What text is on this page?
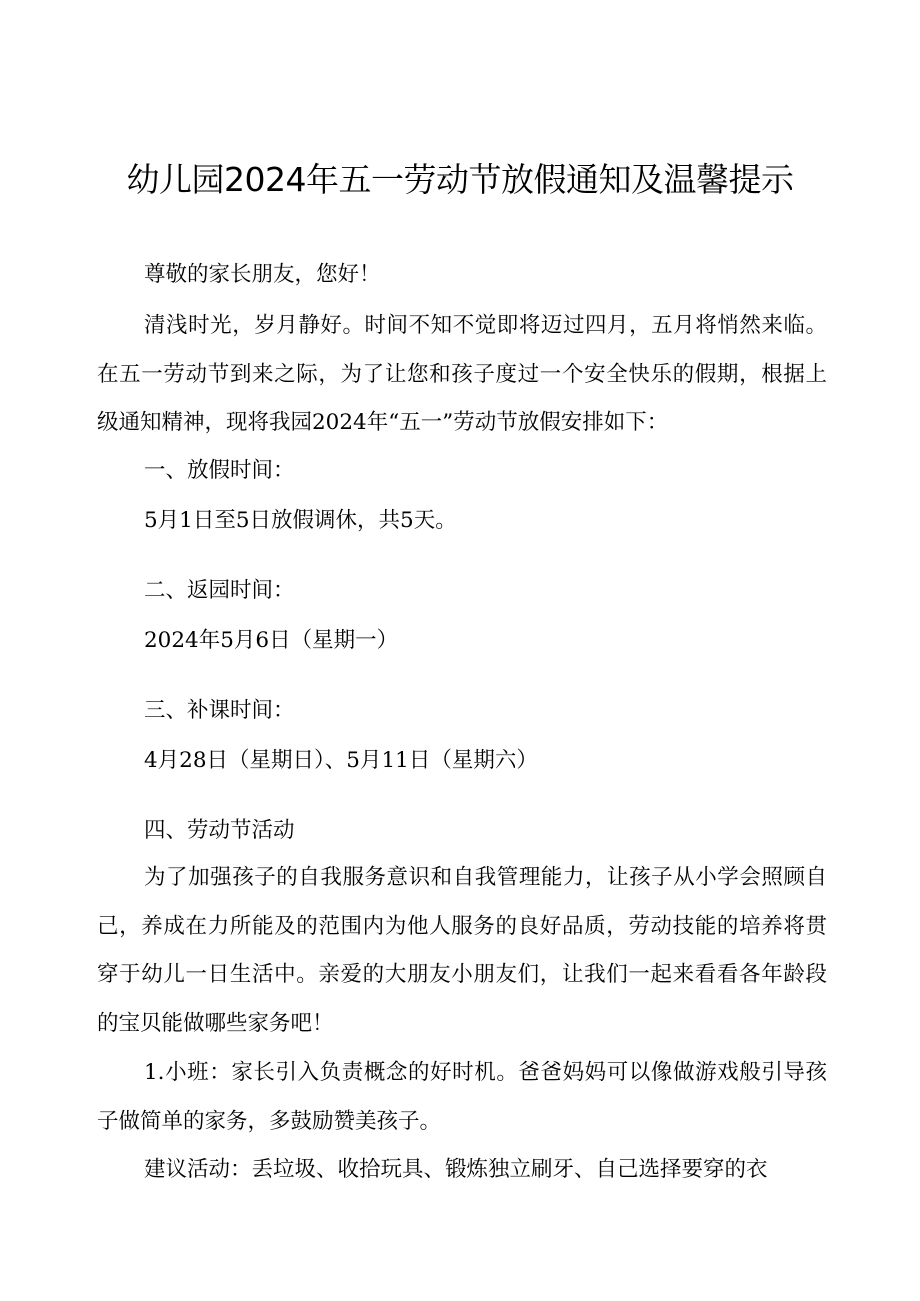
幼儿园2024年五一劳动节放假通知及温馨提示

尊敬的家长朋友，您好！

清浅时光，岁月静好。时间不知不觉即将迈过四月，五月将悄然来临。在五一劳动节到来之际，为了让您和孩子度过一个安全快乐的假期，根据上级通知精神，现将我园2024年“五一”劳动节放假安排如下：

一、放假时间：

5月1日至5日放假调休，共5天。

二、返园时间：

2024年5月6日（星期一）

三、补课时间：

4月28日（星期日）、5月11日（星期六）

四、劳动节活动

为了加强孩子的自我服务意识和自我管理能力，让孩子从小学会照顾自己，养成在力所能及的范围内为他人服务的良好品质，劳动技能的培养将贯穿于幼儿一日生活中。亲爱的大朋友小朋友们，让我们一起来看看各年龄段的宝贝能做哪些家务吧！

1.小班：家长引入负责概念的好时机。爸爸妈妈可以像做游戏般引导孩子做简单的家务，多鼓励赞美孩子。

建议活动：丢垃圾、收拾玩具、锻炼独立刷牙、自己选择要穿的衣
